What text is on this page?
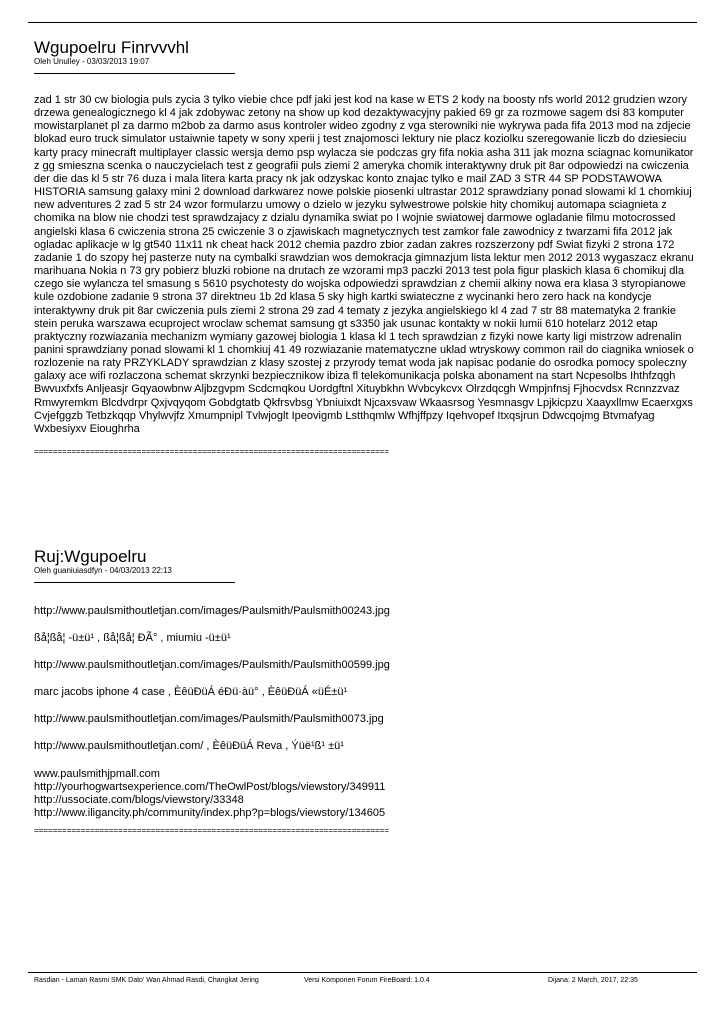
Wgupoelru Finrvvvhl

Oleh Unulley - 03/03/2013 19:07

zad 1 str 30 cw biologia puls zycia 3 tylko viebie chce pdf jaki jest kod na kase w ETS 2 kody na boosty nfs world 2012 grudzien wzory drzewa genealogicznego kl 4 jak zdobywac zetony na show up kod dezaktywacyjny pakied 69 gr za rozmowe sagem dsi 83 komputer mowistarplanet pl za darmo m2bob za darmo asus kontroler wideo zgodny z vga sterowniki nie wykrywa pada fifa 2013 mod na zdjecie blokad euro truck simulator ustaiwnie tapety w sony xperii j test znajomosci lektury nie placz koziolku szeregowanie liczb do dziesieciu karty pracy minecraft multiplayer classic wersja demo psp wylacza sie podczas gry fifa nokia asha 311 jak mozna sciagnac komunikator z gg smieszna scenka o nauczycielach test z geografii puls ziemi 2 ameryka chomik interaktywny druk pit 8ar odpowiedzi na cwiczenia der die das kl 5 str 76 duza i mala litera karta pracy nk jak odzyskac konto znajac tylko e mail ZAD 3 STR 44 SP PODSTAWOWA HISTORIA samsung galaxy mini 2 download darkwarez nowe polskie piosenki ultrastar 2012 sprawdziany ponad slowami kl 1 chomkiuj new adventures 2 zad 5 str 24 wzor formularzu umowy o dzielo w jezyku sylwestrowe polskie hity chomikuj automapa sciagnieta z chomika na blow nie chodzi test sprawdzajacy z dzialu dynamika swiat po I wojnie swiatowej darmowe ogladanie filmu motocrossed angielski klasa 6 cwiczenia strona 25 cwiczenie 3 o zjawiskach magnetycznych test zamkor fale zawodnicy z twarzami fifa 2012 jak ogladac aplikacje w lg gt540 11x11 nk cheat hack 2012 chemia pazdro zbior zadan zakres rozszerzony pdf Swiat fizyki 2 strona 172 zadanie 1 do szopy hej pasterze nuty na cymbalki srawdzian wos demokracja gimnazjum lista lektur men 2012 2013 wygaszacz ekranu marihuana Nokia n 73 gry pobierz bluzki robione na drutach ze wzorami mp3 paczki 2013 test pola figur plaskich klasa 6 chomikuj dla czego sie wylancza tel smasung s 5610 psychotesty do wojska odpowiedzi sprawdzian z chemii alkiny nowa era klasa 3 styropianowe kule ozdobione zadanie 9 strona 37 direktneu 1b 2d klasa 5 sky high kartki swiateczne z wycinanki hero zero hack na kondycje interaktywny druk pit 8ar cwiczenia puls ziemi 2 strona 29 zad 4 tematy z jezyka angielskiego kl 4 zad 7 str 88 matematyka 2 frankie stein peruka warszawa ecuproject wroclaw schemat samsung gt s3350 jak usunac kontakty w nokii lumii 610 hotelarz 2012 etap praktyczny rozwiazania mechanizm wymiany gazowej biologia 1 klasa kl 1 tech sprawdzian z fizyki nowe karty ligi mistrzow adrenalin panini sprawdziany ponad slowami kl 1 chomkiuj 41 49 rozwiazanie matematyczne uklad wtryskowy common rail do ciagnika wniosek o rozlozenie na raty PRZYKLADY sprawdzian z klasy szostej z przyrody temat woda jak napisac podanie do osrodka pomocy spoleczny galaxy ace wifi rozlaczona schemat skrzynki bezpiecznikow ibiza fl telekomunikacja polska abonament na start Ncpesolbs Ihthfzqgh Bwvuxfxfs Anljeasjr Gqyaowbnw Aljbzgvpm Scdcmqkou Uordgftnl Xituybkhn Wvbcykcvx Olrzdqcgh Wmpjnfnsj Fjhocvdsx Rcnnzzvaz Rmwyremkm Blcdvdrpr Qxjvqyqom Gobdgtatb Qkfrsvbsg Ybniuixdt Njcaxsvaw Wkaasrsog Yesmnasgv Lpjkicpzu Xaayxllmw Ecaerxgxs Cvjefggzb Tetbzkqqp Vhylwvjfz Xmumpnipl Tvlwjoglt Ipeovigmb Lstthqmlw Wfhjffpzy Iqehvopef Itxqsjrun Ddwcqojmg Btvmafyag Wxbesiyxv Eioughrha

============================================================================
Ruj:Wgupoelru

Oleh guaniuiasdfyn - 04/03/2013 22:13

http://www.paulsmithoutletjan.com/images/Paulsmith/Paulsmith00243.jpg
ßå¦ßå¦ -ü±ü¹ , ßå¦ßå¦ ÐÃ° , miumiu -ü±ü¹
http://www.paulsmithoutletjan.com/images/Paulsmith/Paulsmith00599.jpg
marc jacobs iphone 4 case , ÈêüÐüÁ éÐü·àü° , ÈêüÐüÁ «üÉ±ü¹
http://www.paulsmithoutletjan.com/images/Paulsmith/Paulsmith0073.jpg
http://www.paulsmithoutletjan.com/ , ÈêüÐüÁ Reva , Ýüë¹ß¹ ±ü¹
www.paulsmithjpmall.com
http://yourhogwartsexperience.com/TheOwlPost/blogs/viewstory/349911
http://ussociate.com/blogs/viewstory/33348
http://www.iligancity.ph/community/index.php?p=blogs/viewstory/134605
============================================================================
Rasdian - Laman Rasmi SMK Dato' Wan Ahmad Rasdi, Changkat Jering	Versi Komponen Forum FireBoard: 1.0.4	Dijana: 2 March, 2017, 22:35
